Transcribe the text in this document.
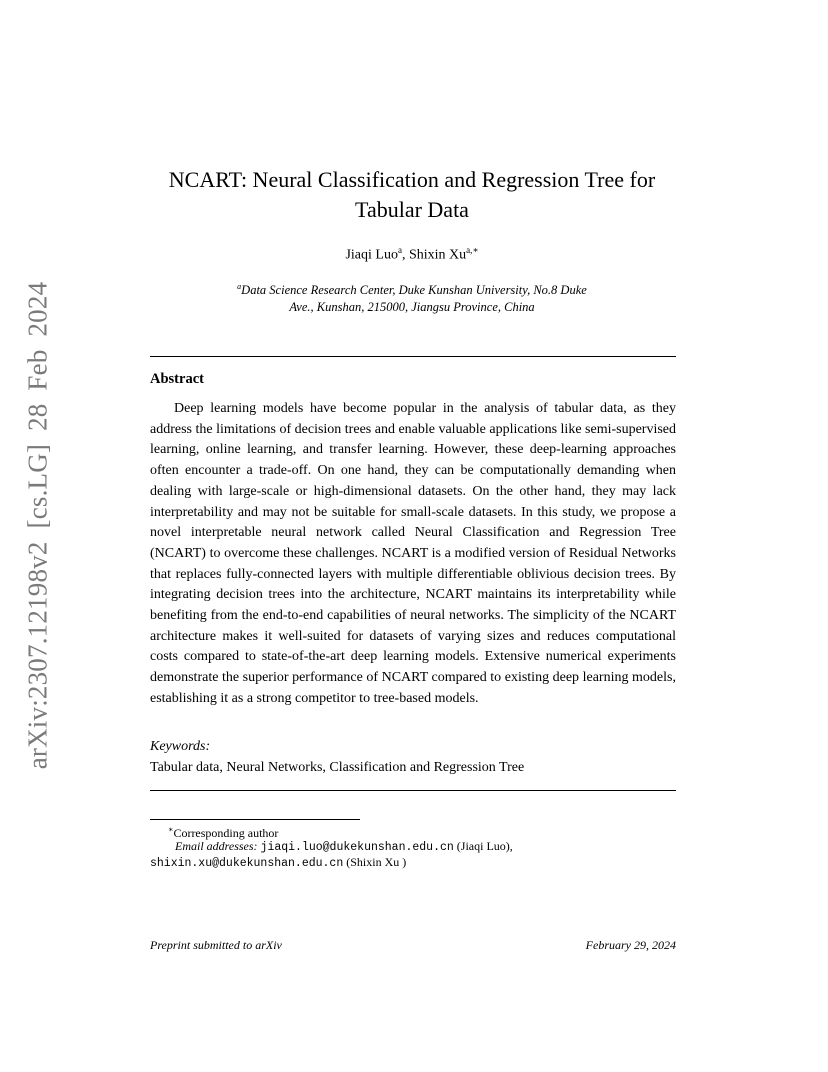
arXiv:2307.12198v2 [cs.LG] 28 Feb 2024
NCART: Neural Classification and Regression Tree for
Tabular Data
Jiaqi Luo$^a$, Shixin $Xu^{a,∗}$
$^a$Data Science Research Center, Duke Kunshan University, No.8 Duke
Ave., Kunshan, 215000, Jiangsu Province, China
Abstract

Deep learning models have become popular in the analysis of tabular data, as they address the limitations of decision trees and enable valuable applications like semi-supervised learning, online learning, and transfer learning. However, these deep-learning approaches often encounter a trade-off. On one hand, they can be computationally demanding when dealing with large-scale or high-dimensional datasets. On the other hand, they may lack interpretability and may not be suitable for small-scale datasets. In this study, we propose a novel interpretable neural network called Neural Classification and Regression Tree (NCART) to overcome these challenges. NCART is a modified version of Residual Networks that replaces fully-connected layers with multiple differentiable oblivious decision trees. By integrating decision trees into the architecture, NCART maintains its interpretability while benefiting from the end-to-end capabilities of neural networks. The simplicity of the NCART architecture makes it well-suited for datasets of varying sizes and reduces computational costs compared to state-of-the-art deep learning models. Extensive numerical experiments demonstrate the superior performance of NCART compared to existing deep learning models, establishing it as a strong competitor to tree-based models.

Keywords:
Tabular data, Neural Networks, Classification and Regression Tree
∗Corresponding author
Email addresses: jiaqi.luo@dukekunshan.edu.cn (Jiaqi Luo),
shixin.xu@dukekunshan.edu.cn (Shixin Xu )
Preprint submitted to arXiv	February 29, 2024
